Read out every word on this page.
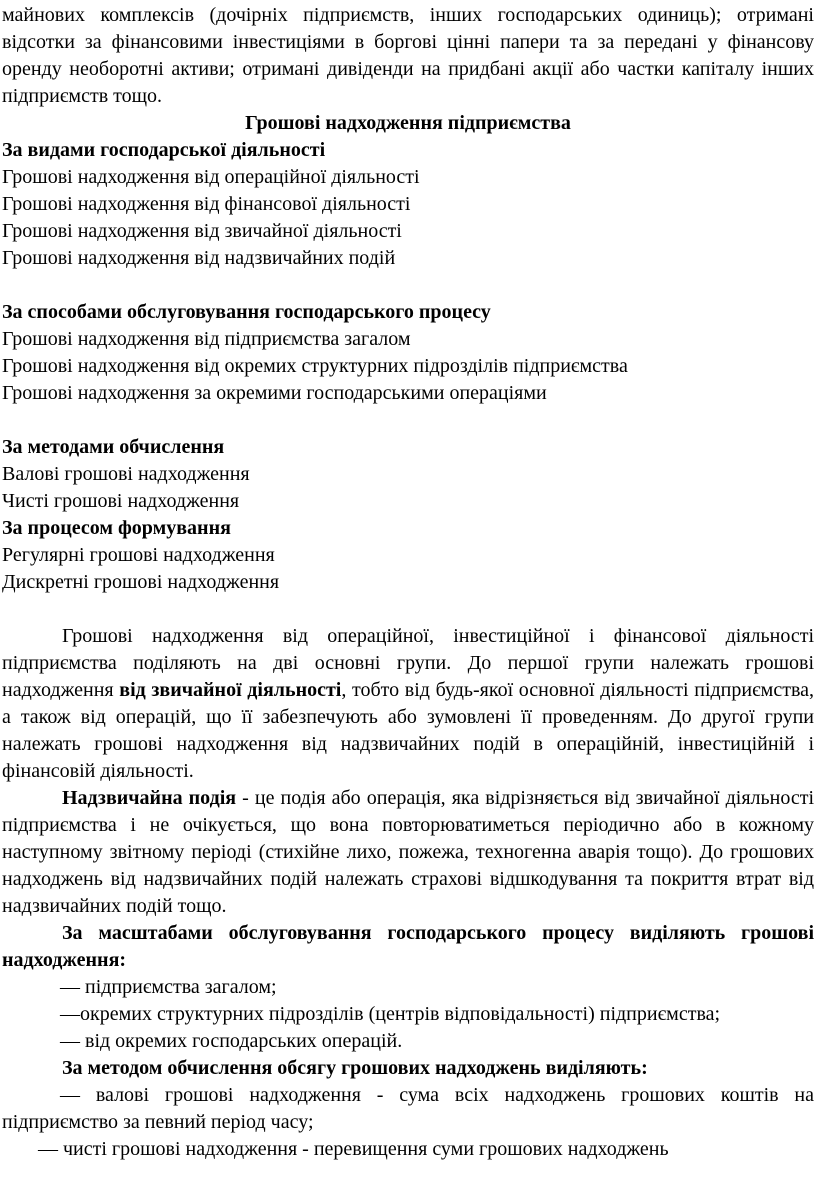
майнових комплексів (дочірніх підприємств, інших господарських одиниць); отримані відсотки за фінансовими інвестиціями в боргові цінні папери та за передані у фінансову оренду необоротні активи; отримані дивіденди на придбані акції або частки капіталу інших підприємств тощо.

Грошові надходження підприємства

За видами господарської діяльності

Грошові надходження від операційної діяльності

Грошові надходження від фінансової діяльності

Грошові надходження від звичайної діяльності

Грошові надходження від надзвичайних подій

За способами обслуговування господарського процесу

Грошові надходження від підприємства загалом

Грошові надходження від окремих структурних підрозділів підприємства

Грошові надходження за окремими господарськими операціями

За методами обчислення

Валові грошові надходження

Чисті грошові надходження

За процесом формування

Регулярні грошові надходження

Дискретні грошові надходження

Грошові надходження від операційної, інвестиційної і фінансової діяльності підприємства поділяють на дві основні групи. До першої групи належать грошові надходження від звичайної діяльності, тобто від будь-якої основної діяльності підприємства, а також від операцій, що її забезпечують або зумовлені її проведенням. До другої групи належать грошові надходження від надзвичайних подій в операційній, інвестиційній і фінансовій діяльності.

Надзвичайна подія - це подія або операція, яка відрізняється від звичайної діяльності підприємства і не очікується, що вона повторюватиметься періодично або в кожному наступному звітному періоді (стихійне лихо, пожежа, техногенна аварія тощо). До грошових надходжень від надзвичайних подій належать страхові відшкодування та покриття втрат від надзвичайних подій тощо.

За масштабами обслуговування господарського процесу виділяють грошові надходження:

— підприємства загалом;

—окремих структурних підрозділів (центрів відповідальності) підприємства;

— від окремих господарських операцій.

За методом обчислення обсягу грошових надходжень виділяють:

— валові грошові надходження - сума всіх надходжень грошових коштів на підприємство за певний період часу;

— чисті грошові надходження - перевищення суми грошових надходжень
